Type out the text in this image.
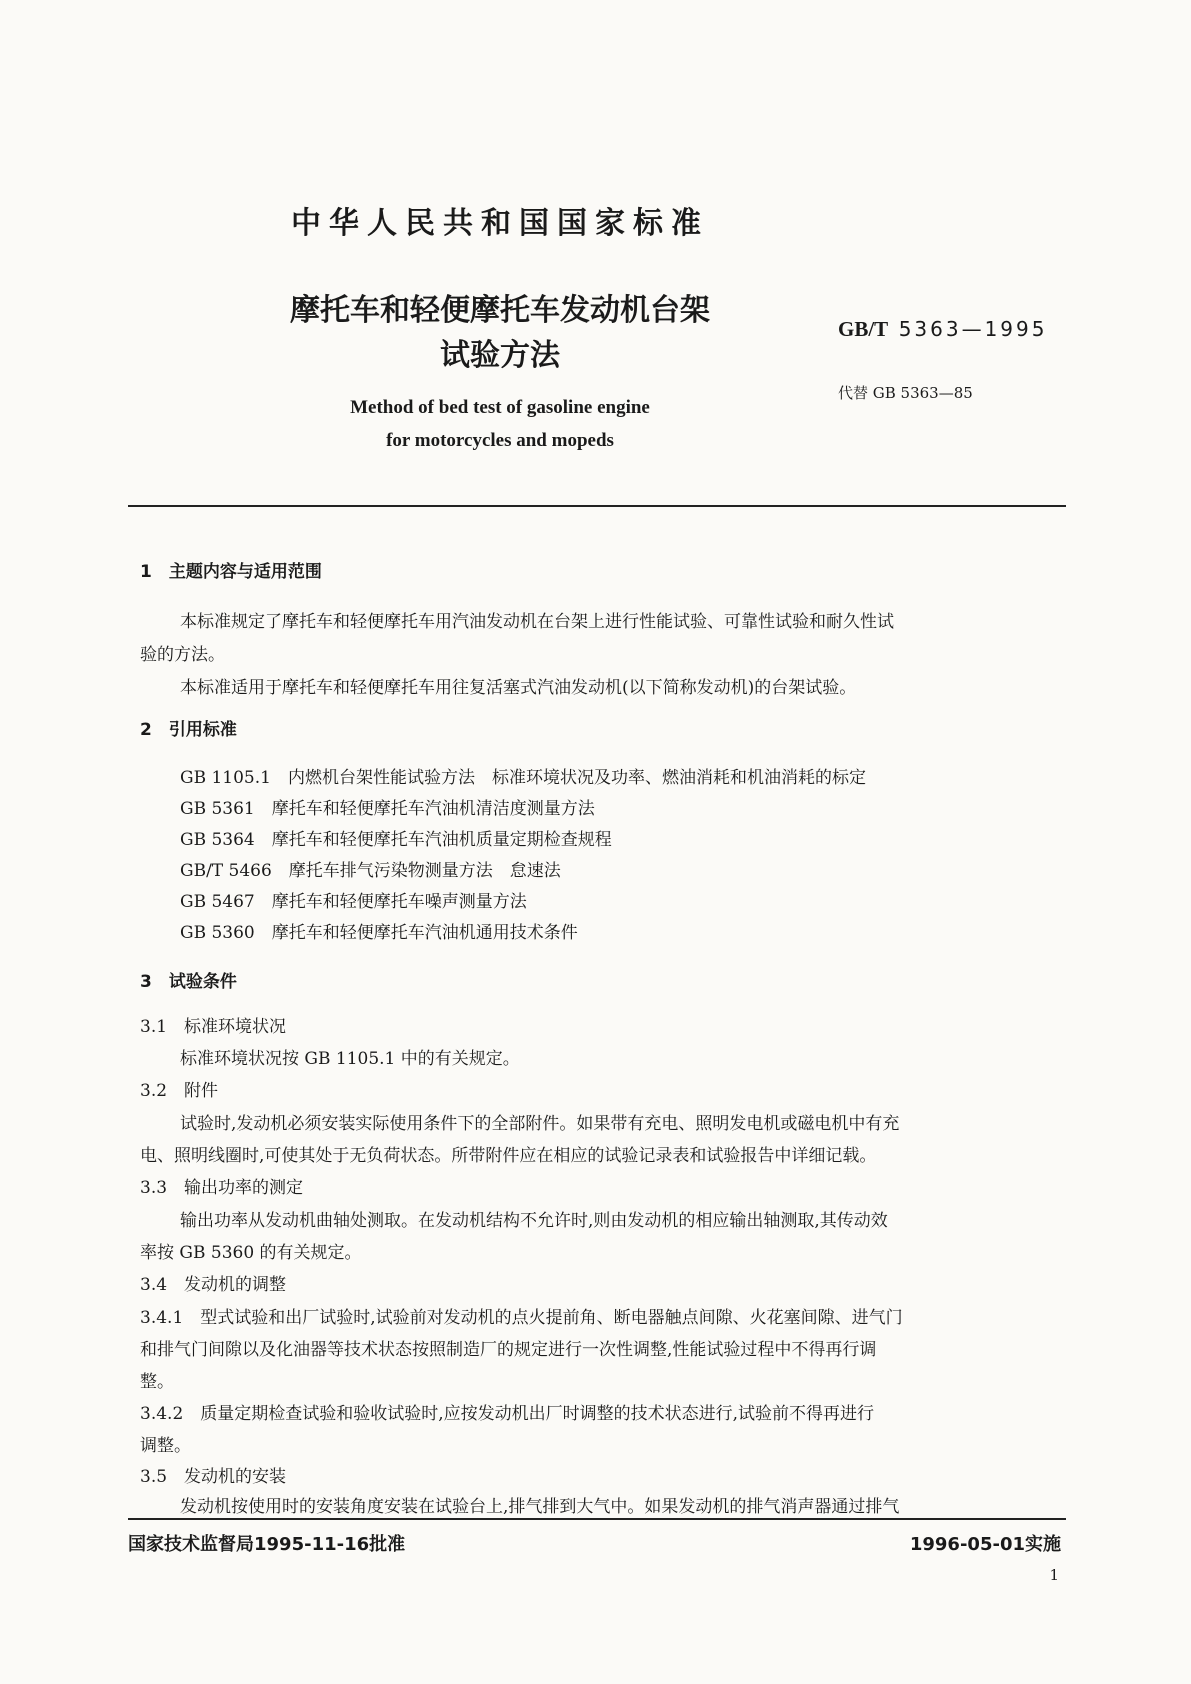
中华人民共和国国家标准
摩托车和轻便摩托车发动机台架
试验方法
Method of bed test of gasoline engine
for motorcycles and mopeds
GB/T 5363—1995
代替 GB 5363—85
1　主题内容与适用范围
本标准规定了摩托车和轻便摩托车用汽油发动机在台架上进行性能试验、可靠性试验和耐久性试
验的方法。
本标准适用于摩托车和轻便摩托车用往复活塞式汽油发动机(以下简称发动机)的台架试验。
2　引用标准
GB 1105.1　内燃机台架性能试验方法　标准环境状况及功率、燃油消耗和机油消耗的标定
GB 5361　摩托车和轻便摩托车汽油机清洁度测量方法
GB 5364　摩托车和轻便摩托车汽油机质量定期检查规程
GB/T 5466　摩托车排气污染物测量方法　怠速法
GB 5467　摩托车和轻便摩托车噪声测量方法
GB 5360　摩托车和轻便摩托车汽油机通用技术条件
3　试验条件
3.1　标准环境状况
标准环境状况按 GB 1105.1 中的有关规定。
3.2　附件
试验时,发动机必须安装实际使用条件下的全部附件。如果带有充电、照明发电机或磁电机中有充
电、照明线圈时,可使其处于无负荷状态。所带附件应在相应的试验记录表和试验报告中详细记载。
3.3　输出功率的测定
输出功率从发动机曲轴处测取。在发动机结构不允许时,则由发动机的相应输出轴测取,其传动效
率按 GB 5360 的有关规定。
3.4　发动机的调整
3.4.1　型式试验和出厂试验时,试验前对发动机的点火提前角、断电器触点间隙、火花塞间隙、进气门
和排气门间隙以及化油器等技术状态按照制造厂的规定进行一次性调整,性能试验过程中不得再行调
整。
3.4.2　质量定期检查试验和验收试验时,应按发动机出厂时调整的技术状态进行,试验前不得再进行
调整。
3.5　发动机的安装
发动机按使用时的安装角度安装在试验台上,排气排到大气中。如果发动机的排气消声器通过排气
国家技术监督局1995-11-16批准	1996-05-01实施
1
